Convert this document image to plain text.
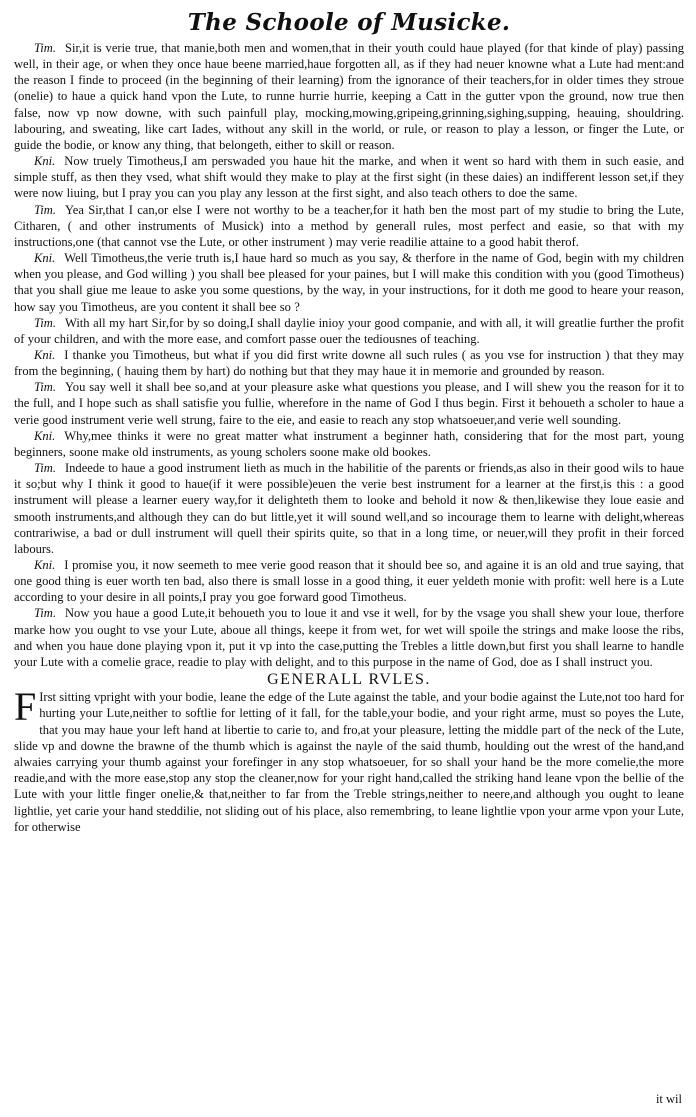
The Schoole of Musicke.

Tim. Sir,it is verie true, that manie,both men and women,that in their youth could haue played (for that kinde of play) passing well, in their age, or when they once haue beene married,haue forgotten all, as if they had neuer knowne what a Lute had ment:and the reason I finde to proceed (in the beginning of their learning) from the ignorance of their teachers,for in older times they stroue (onelie) to haue a quick hand vpon the Lute, to runne hurrie hurrie, keeping a Catt in the gutter vpon the ground, now true then false, now vp now downe, with such painfull play, mocking,mowing,gripeing,grinning,sighing,supping, heauing, shouldring. labouring, and sweating, like cart Iades, without any skill in the world, or rule, or reason to play a lesson, or finger the Lute, or guide the bodie, or know any thing, that belongeth, either to skill or reason.

Kni. Now truely Timotheus,I am perswaded you haue hit the marke, and when it went so hard with them in such easie, and simple stuff, as then they vsed, what shift would they make to play at the first sight (in these daies) an indifferent lesson set,if they were now liuing, but I pray you can you play any lesson at the first sight, and also teach others to doe the same.

Tim. Yea Sir,that I can,or else I were not worthy to be a teacher,for it hath ben the most part of my studie to bring the Lute, Citharen, ( and other instruments of Musick) into a method by generall rules, most perfect and easie, so that with my instructions,one (that cannot vse the Lute, or other instrument ) may verie readilie attaine to a good habit therof.

Kni. Well Timotheus,the verie truth is,I haue hard so much as you say, & therfore in the name of God, begin with my children when you please, and God willing ) you shall bee pleased for your paines, but I will make this condition with you (good Timotheus) that you shall giue me leaue to aske you some questions, by the way, in your instructions, for it doth me good to heare your reason, how say you Timotheus, are you content it shall bee so ?

Tim. With all my hart Sir,for by so doing,I shall daylie inioy your good companie, and with all, it will greatlie further the profit of your children, and with the more ease, and comfort passe ouer the tediousnes of teaching.

Kni. I thanke you Timotheus, but what if you did first write downe all such rules ( as you vse for instruction ) that they may from the beginning, ( hauing them by hart) do nothing but that they may haue it in memorie and grounded by reason.

Tim. You say well it shall bee so,and at your pleasure aske what questions you please, and I will shew you the reason for it to the full, and I hope such as shall satisfie you fullie, wherefore in the name of God I thus begin. First it behoueth a scholer to haue a verie good instrument verie well strung, faire to the eie, and easie to reach any stop whatsoeuer,and verie well sounding.

Kni. Why,mee thinks it were no great matter what instrument a beginner hath, considering that for the most part, young beginners, soone make old instruments, as young scholers soone make old bookes.

Tim. Indeede to haue a good instrument lieth as much in the habilitie of the parents or friends,as also in their good wils to haue it so;but why I think it good to haue(if it were possible)euen the verie best instrument for a learner at the first,is this : a good instrument will please a learner euery way,for it delighteth them to looke and behold it now & then,likewise they loue easie and smooth instruments,and although they can do but little,yet it will sound well,and so incourage them to learne with delight,whereas contrariwise, a bad or dull instrument will quell their spirits quite, so that in a long time, or neuer,will they profit in their forced labours.

Kni. I promise you, it now seemeth to mee verie good reason that it should bee so, and againe it is an old and true saying, that one good thing is euer worth ten bad, also there is small losse in a good thing, it euer yeldeth monie with profit: well here is a Lute according to your desire in all points,I pray you goe forward good Timotheus.

Tim. Now you haue a good Lute,it behoueth you to loue it and vse it well, for by the vsage you shall shew your loue, therfore marke how you ought to vse your Lute, aboue all things, keepe it from wet, for wet will spoile the strings and make loose the ribs, and when you haue done playing vpon it, put it vp into the case,putting the Trebles a little down,but first you shall learne to handle your Lute with a comelie grace, readie to play with delight, and to this purpose in the name of God, doe as I shall instruct you.

GENERALL RVLES.

F Irst sitting vpright with your bodie, leane the edge of the Lute against the table, and your bodie against the Lute,not too hard for hurting your Lute,neither to softlie for letting of it fall, for the table,your bodie, and your right arme, must so poyes the Lute, that you may haue your left hand at libertie to carie to, and fro,at your pleasure, letting the middle part of the neck of the Lute, slide vp and downe the brawne of the thumb which is against the nayle of the said thumb, houlding out the wrest of the hand,and alwaies carrying your thumb against your forefinger in any stop whatsoeuer, for so shall your hand be the more comelie,the more readie,and with the more ease,stop any stop the cleaner,now for your right hand,called the striking hand leane vpon the bellie of the Lute with your little finger onelie,& that,neither to far from the Treble strings,neither to neere,and although you ought to leane lightlie, yet carie your hand steddilie, not sliding out of his place, also remembring, to leane lightlie vpon your arme vpon your Lute, for otherwise

it wil
